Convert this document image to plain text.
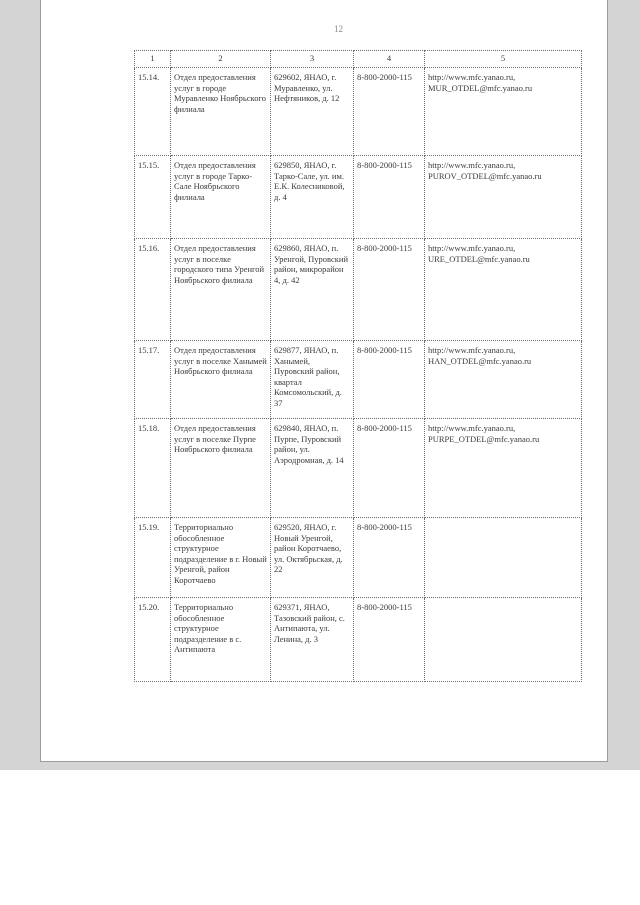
12
1	2	3	4	5
15.14.	Отдел предоставления услуг в городе Муравленко Ноябрьского филиала	629602, ЯНАО, г. Муравленко, ул. Нефтяников, д. 12	8-800-2000-115	http://www.mfc.yanao.ru,
MUR_OTDEL@mfc.yanao.ru

15.15.	Отдел предоставления услуг в городе Тарко-Сале Ноябрьского филиала	629850, ЯНАО, г. Тарко-Сале, ул. им. Е.К. Колесниковой, д. 4	8-800-2000-115	http://www.mfc.yanao.ru,
PUROV_OTDEL@mfc.yanao.ru

15.16.	Отдел предоставления услуг в поселке городского типа Уренгой Ноябрьского филиала	629860, ЯНАО, п. Уренгой, Пуровский район, микрорайон 4, д. 42	8-800-2000-115	http://www.mfc.yanao.ru,
URE_OTDEL@mfc.yanao.ru

15.17.	Отдел предоставления услуг в поселке Ханымей Ноябрьского филиала	629877, ЯНАО, п. Ханымей, Пуровский район, квартал Комсомольский, д. 37	8-800-2000-115	http://www.mfc.yanao.ru,
HAN_OTDEL@mfc.yanao.ru

15.18.	Отдел предоставления услуг в поселке Пурпе Ноябрьского филиала	629840, ЯНАО, п. Пурпе, Пуровский район, ул. Аэродромная, д. 14	8-800-2000-115	http://www.mfc.yanao.ru,
PURPE_OTDEL@mfc.yanao.ru

15.19.	Территориально обособленное структурное подразделение в г. Новый Уренгой, район Коротчаево	629520, ЯНАО, г. Новый Уренгой, район Коротчаево, ул. Октябрьская, д. 22	8-800-2000-115	

15.20.	Территориально обособленное структурное подразделение в с. Антипаюта	629371, ЯНАО, Тазовский район, с. Антипаюта, ул. Ленина, д. 3	8-800-2000-115	
